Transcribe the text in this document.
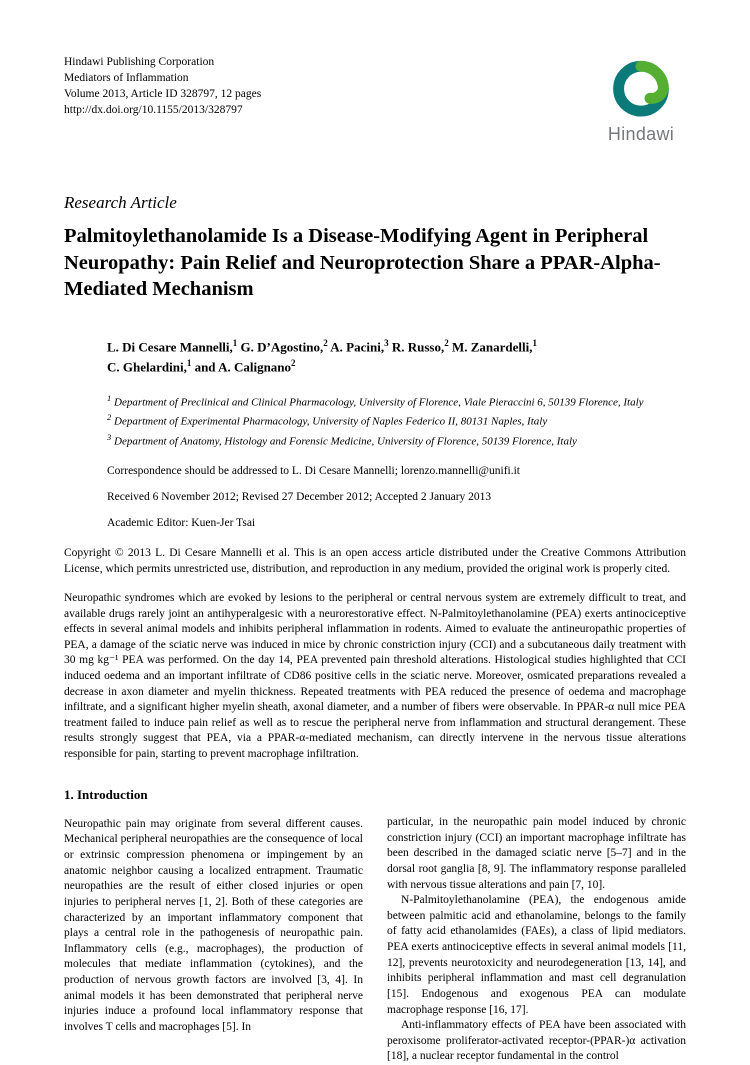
Hindawi Publishing Corporation
Mediators of Inflammation
Volume 2013, Article ID 328797, 12 pages
http://dx.doi.org/10.1155/2013/328797
Hindawi
Research Article
Palmitoylethanolamide Is a Disease-Modifying Agent in Peripheral Neuropathy: Pain Relief and Neuroprotection Share a PPAR-Alpha-Mediated Mechanism

L. Di Cesare Mannelli,$^1$ G. D’Agostino,$^2$ A. Pacini,$^3$ R. Russo,$^2$ M. Zanardelli,$^1$

C. Ghelardini,$^1$ and A. Calignano$^2$

$^1$ Department of Preclinical and Clinical Pharmacology, University of Florence, Viale Pieraccini 6, 50139 Florence, Italy

$^2$ Department of Experimental Pharmacology, University of Naples Federico II, 80131 Naples, Italy

$^3$ Department of Anatomy, Histology and Forensic Medicine, University of Florence, 50139 Florence, Italy

Correspondence should be addressed to L. Di Cesare Mannelli; lorenzo.mannelli@unifi.it

Received 6 November 2012; Revised 27 December 2012; Accepted 2 January 2013

Academic Editor: Kuen-Jer Tsai

Copyright © 2013 L. Di Cesare Mannelli et al. This is an open access article distributed under the Creative Commons Attribution License, which permits unrestricted use, distribution, and reproduction in any medium, provided the original work is properly cited.

Neuropathic syndromes which are evoked by lesions to the peripheral or central nervous system are extremely difficult to treat, and available drugs rarely joint an antihyperalgesic with a neurorestorative effect. N-Palmitoylethanolamine (PEA) exerts antinociceptive effects in several animal models and inhibits peripheral inflammation in rodents. Aimed to evaluate the antineuropathic properties of PEA, a damage of the sciatic nerve was induced in mice by chronic constriction injury (CCI) and a subcutaneous daily treatment with 30 mg kg⁻¹ PEA was performed. On the day 14, PEA prevented pain threshold alterations. Histological studies highlighted that CCI induced oedema and an important infiltrate of CD86 positive cells in the sciatic nerve. Moreover, osmicated preparations revealed a decrease in axon diameter and myelin thickness. Repeated treatments with PEA reduced the presence of oedema and macrophage infiltrate, and a significant higher myelin sheath, axonal diameter, and a number of fibers were observable. In PPAR-α null mice PEA treatment failed to induce pain relief as well as to rescue the peripheral nerve from inflammation and structural derangement. These results strongly suggest that PEA, via a PPAR-α-mediated mechanism, can directly intervene in the nervous tissue alterations responsible for pain, starting to prevent macrophage infiltration.

1. Introduction

Neuropathic pain may originate from several different causes. Mechanical peripheral neuropathies are the consequence of local or extrinsic compression phenomena or impingement by an anatomic neighbor causing a localized entrapment. Traumatic neuropathies are the result of either closed injuries or open injuries to peripheral nerves [1, 2]. Both of these categories are characterized by an important inflammatory component that plays a central role in the pathogenesis of neuropathic pain. Inflammatory cells (e.g., macrophages), the production of molecules that mediate inflammation (cytokines), and the production of nervous growth factors are involved [3, 4]. In animal models it has been demonstrated that peripheral nerve injuries induce a profound local inflammatory response that involves T cells and macrophages [5]. In

particular, in the neuropathic pain model induced by chronic constriction injury (CCI) an important macrophage infiltrate has been described in the damaged sciatic nerve [5–7] and in the dorsal root ganglia [8, 9]. The inflammatory response paralleled with nervous tissue alterations and pain [7, 10].

N-Palmitoylethanolamine (PEA), the endogenous amide between palmitic acid and ethanolamine, belongs to the family of fatty acid ethanolamides (FAEs), a class of lipid mediators. PEA exerts antinociceptive effects in several animal models [11, 12], prevents neurotoxicity and neurodegeneration [13, 14], and inhibits peripheral inflammation and mast cell degranulation [15]. Endogenous and exogenous PEA can modulate macrophage response [16, 17].

Anti-inflammatory effects of PEA have been associated with peroxisome proliferator-activated receptor-(PPAR-)α activation [18], a nuclear receptor fundamental in the control
